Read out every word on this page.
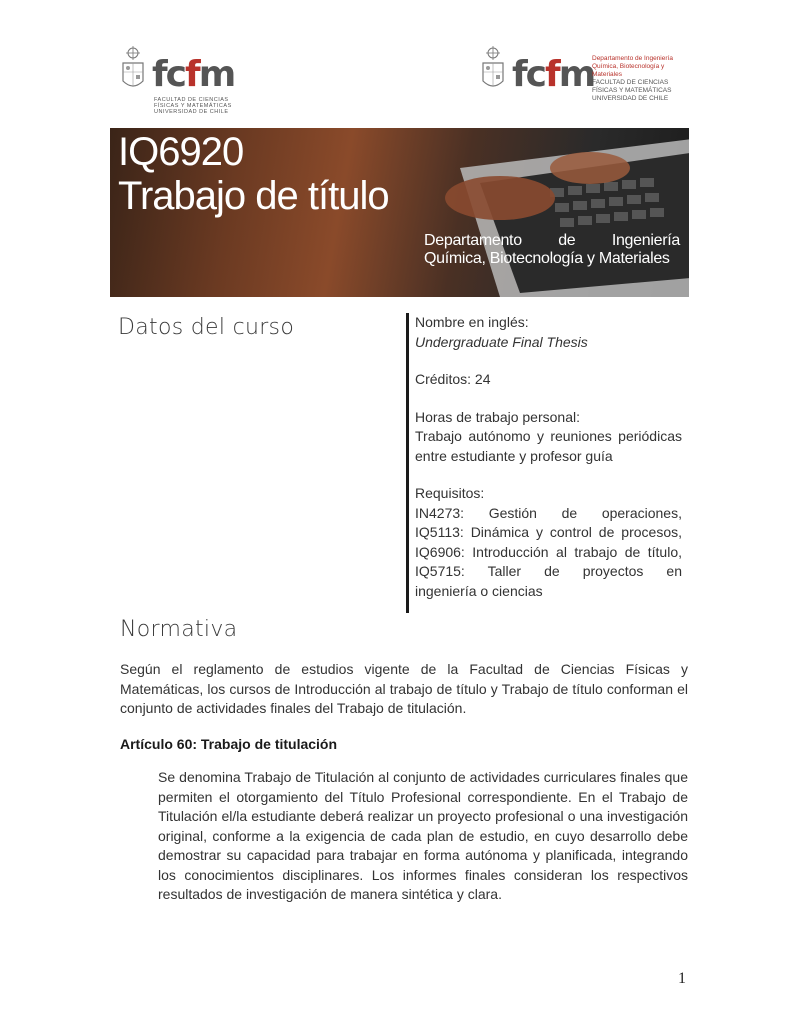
fcfm
FACULTAD DE CIENCIAS
FÍSICAS Y MATEMÁTICAS
UNIVERSIDAD DE CHILE
fcfm
Departamento de Ingeniería
Química, Biotecnología y
Materiales
FACULTAD DE CIENCIAS
FÍSICAS Y MATEMÁTICAS
UNIVERSIDAD DE CHILE
IQ6920
Trabajo de título
Departamento de Ingeniería
Química, Biotecnología y Materiales
Datos del curso	Nombre en inglés:
Undergraduate Final Thesis
Créditos: 24
Horas de trabajo personal:
Trabajo autónomo y reuniones periódicas entre estudiante y profesor guía
Requisitos:
IN4273: Gestión de operaciones,
IQ5113: Dinámica y control de procesos,
IQ6906: Introducción al trabajo de título,
IQ5715: Taller de proyectos en
ingeniería o ciencias
Normativa
Según el reglamento de estudios vigente de la Facultad de Ciencias Físicas y Matemáticas, los cursos de Introducción al trabajo de título y Trabajo de título conforman el conjunto de actividades finales del Trabajo de titulación.
Artículo 60: Trabajo de titulación
Se denomina Trabajo de Titulación al conjunto de actividades curriculares finales que permiten el otorgamiento del Título Profesional correspondiente. En el Trabajo de Titulación el/la estudiante deberá realizar un proyecto profesional o una investigación original, conforme a la exigencia de cada plan de estudio, en cuyo desarrollo debe demostrar su capacidad para trabajar en forma autónoma y planificada, integrando los conocimientos disciplinares. Los informes finales consideran los respectivos resultados de investigación de manera sintética y clara.
1
